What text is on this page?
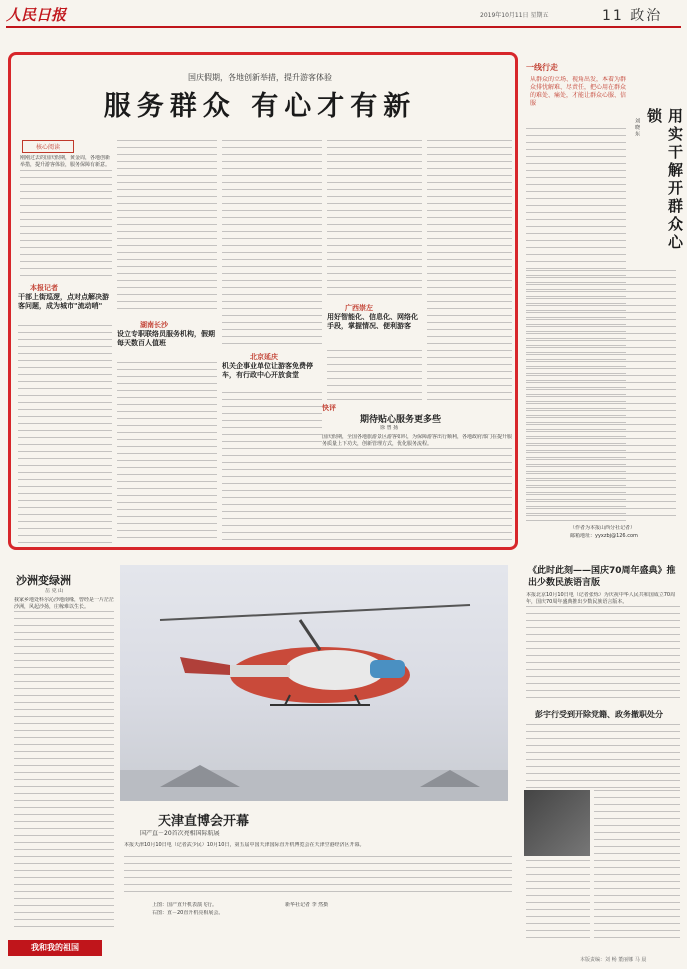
人民日报	2019年10月11日 星期五	11 政治
国庆假期，各地创新举措，提升游客体验
服务群众 有心才有新
核心阅读
刚刚过去的国庆假期，黄金周，各地创新举措，提升游客体验，服务保障有新意。
本报记者
干部上街巡逻，点对点解决游客问题，成为城市"流动哨"
湖南长沙
设立专职联络员服务机构，假期每天数百人值班
北京延庆
机关企事业单位让游客免费停车，有行政中心开放食堂
广西崇左
用好智能化、信息化、网络化手段，掌握情况、便利游客
快评
期待贴心服务更多些
徐 曾 扬
国庆假期，全国各地旅游景区游客如织，为保障游客出行顺利，各地政府部门在提升服务质量上下功夫，创新管理方式，优化服务流程。
一线行走
从群众的立场、视角出发，本着为群众排忧解难、尽责任，把心用在群众的难处、痛处，才能让群众心服、信服
用实干解开群众心锁
刘 晓 东
（作者为本报山西分社记者）
邮箱地址：yyxzbj@126.com
沙洲变绿洲
岳 克 山
我家乡地处科尔沁沙地南缘，曾经是一片茫茫沙洲，风起沙扬，庄稼难以生长。
天津直博会开幕
国产直－20首次亮相国际航展
本报天津10月10日电（记者武少民）10月10日，第五届中国天津国际直升机博览会在天津空港经济区开幕。
上图：国产直升机表演飞行。
右图：直－20直升机亮相展会。
新华社记者 李 然摄
《此时此刻——国庆70周年盛典》推出少数民族语言版
本报北京10月10日电（记者张烁）为庆祝中华人民共和国成立70周年，国庆70周年盛典推出少数民族语言版本。
彭宇行受到开除党籍、政务撤职处分
我和我的祖国
本版责编：刘 畅 董丽娜 马 晨
